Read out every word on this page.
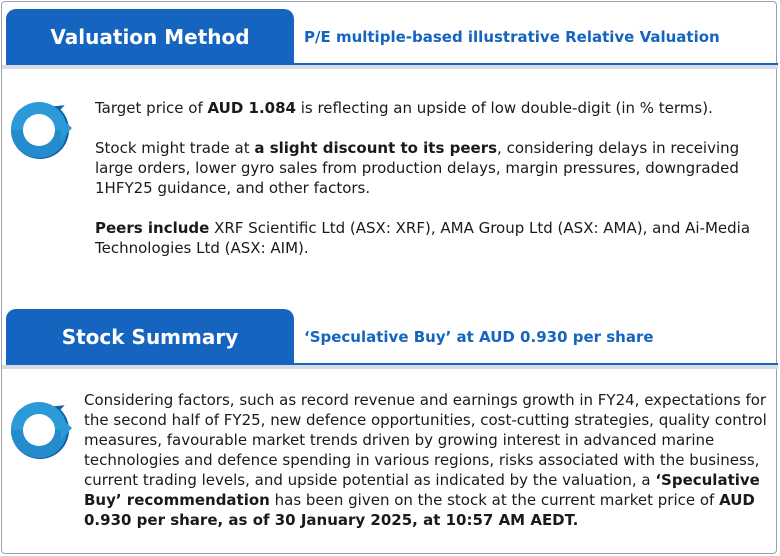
Valuation Method	P/E multiple-based illustrative Relative Valuation

Target price of AUD 1.084 is reflecting an upside of low double-digit (in % terms).

Stock might trade at a slight discount to its peers, considering delays in receiving large orders, lower gyro sales from production delays, margin pressures, downgraded 1HFY25 guidance, and other factors.

Peers include XRF Scientific Ltd (ASX: XRF), AMA Group Ltd (ASX: AMA), and Ai-Media Technologies Ltd (ASX: AIM).

Stock Summary	‘Speculative Buy’ at AUD 0.930 per share

Considering factors, such as record revenue and earnings growth in FY24, expectations for the second half of FY25, new defence opportunities, cost-cutting strategies, quality control measures, favourable market trends driven by growing interest in advanced marine technologies and defence spending in various regions, risks associated with the business, current trading levels, and upside potential as indicated by the valuation, a ‘Speculative Buy’ recommendation has been given on the stock at the current market price of AUD 0.930 per share, as of 30 January 2025, at 10:57 AM AEDT.
